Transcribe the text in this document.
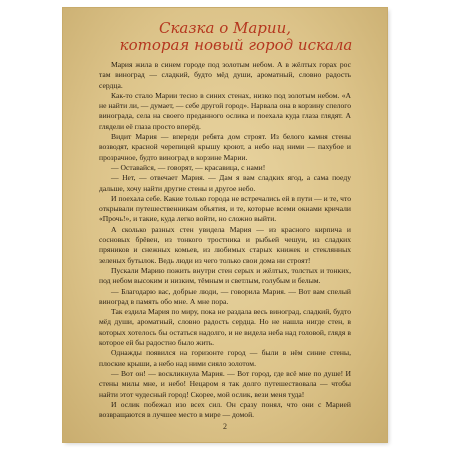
Сказка о Марии,
которая новый город искала

Мария жила в синем городе под золотым небом. А в жёлтых горах рос там виноград — сладкий, будто мёд души, ароматный, словно радость сердца.

Как-то стало Марии тесно в синих стенах, низко под золотым небом. «А не найти ли, — думает, — себе другой город». Нарвала она в корзину спелого винограда, села на своего преданного ослика и поехала куда глаза глядят. А глядели её глаза просто вперёд.

Видит Мария — впереди ребята дом строят. Из белого камня стены возводят, красной черепицей крышу кроют, а небо над ними — пахубое и прозрачное, будто виноград в корзине Марии.

— Оставайся, — говорят, — красавица, с нами!

— Нет, — отвечает Мария. — Дам я вам сладких ягод, а сама поеду дальше, хочу найти другие стены и другое небо.

И поехала себе. Какие только города не встречались ей в пути — и те, что открывали путешественникам объятия, и те, которые всеми окнами кричали «Прочь!», и такие, куда легко войти, но сложно выйти.

А сколько разных стен увидела Мария — из красного кирпича и сосновых брёвен, из тонкого тростника и рыбьей чешуи, из сладких пряников и снежных комьев, из любимых старых книжек и стеклянных зеленых бутылок. Ведь люди из чего только свои дома ни строят!

Пускали Марию пожить внутри стен серых и жёлтых, толстых и тонких, под небом высоким и низким, тёмным и светлым, голубым и белым.

— Благодарю вас, добрые люди, — говорила Мария. — Вот вам спелый виноград в память обо мне. А мне пора.

Так ездила Мария по миру, пока не раздала весь виноград, сладкий, будто мёд души, ароматный, словно радость сердца. Но не нашла нигде стен, в которых хотелось бы остаться надолго, и не видела неба над головой, глядя в которое ей бы радостно было жить.

Однажды появился на горизонте город — были в нём синие стены, плоские крыши, а небо над ними сияло золотом.

— Вот он! — воскликнула Мария. — Вот город, где всё мне по душе! И стены милы мне, и небо! Нецаром я так долго путешествовала — чтобы найти этот чудесный город! Скорее, мой ослик, вези меня туда!

И ослик побежал изо всех сил. Он сразу понял, что они с Марией возвращаются в лучшее место в мире — домой.

2
